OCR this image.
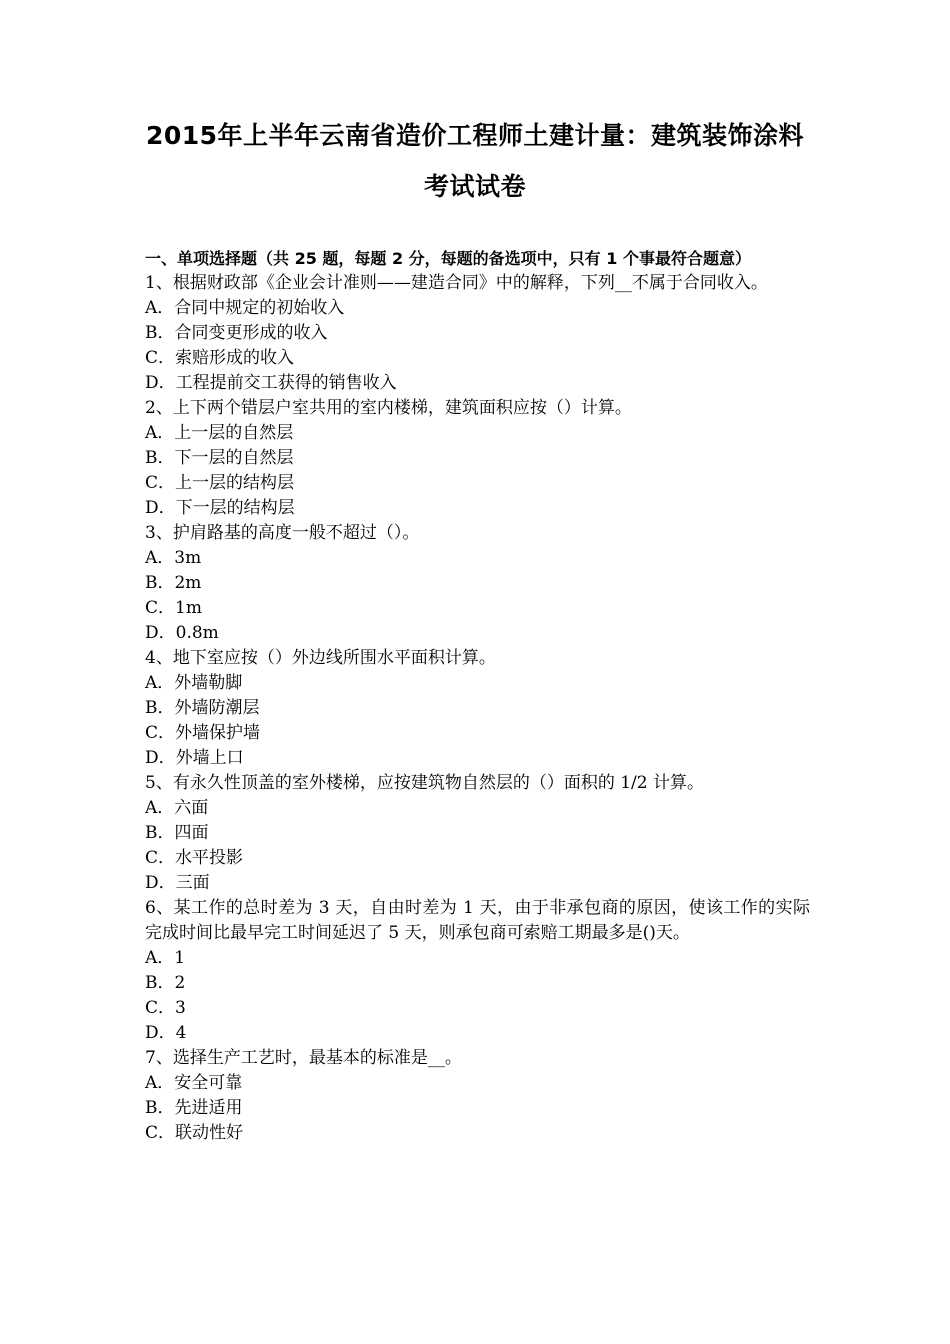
2015年上半年云南省造价工程师土建计量：建筑装饰涂料
考试试卷
一、单项选择题（共 25 题，每题 2 分，每题的备选项中，只有 1 个事最符合题意）
1、根据财政部《企业会计准则——建造合同》中的解释，下列__不属于合同收入。
A．合同中规定的初始收入
B．合同变更形成的收入
C．索赔形成的收入
D．工程提前交工获得的销售收入
2、上下两个错层户室共用的室内楼梯，建筑面积应按（）计算。
A．上一层的自然层
B．下一层的自然层
C．上一层的结构层
D．下一层的结构层
3、护肩路基的高度一般不超过（）。
A．3m
B．2m
C．1m
D．0.8m
4、地下室应按（）外边线所围水平面积计算。
A．外墙勒脚
B．外墙防潮层
C．外墙保护墙
D．外墙上口
5、有永久性顶盖的室外楼梯，应按建筑物自然层的（）面积的 1/2 计算。
A．六面
B．四面
C．水平投影
D．三面
6、某工作的总时差为 3 天，自由时差为 1 天，由于非承包商的原因，使该工作的实际完成时间比最早完工时间延迟了 5 天，则承包商可索赔工期最多是()天。
A．1
B．2
C．3
D．4
7、选择生产工艺时，最基本的标准是__。
A．安全可靠
B．先进适用
C．联动性好
